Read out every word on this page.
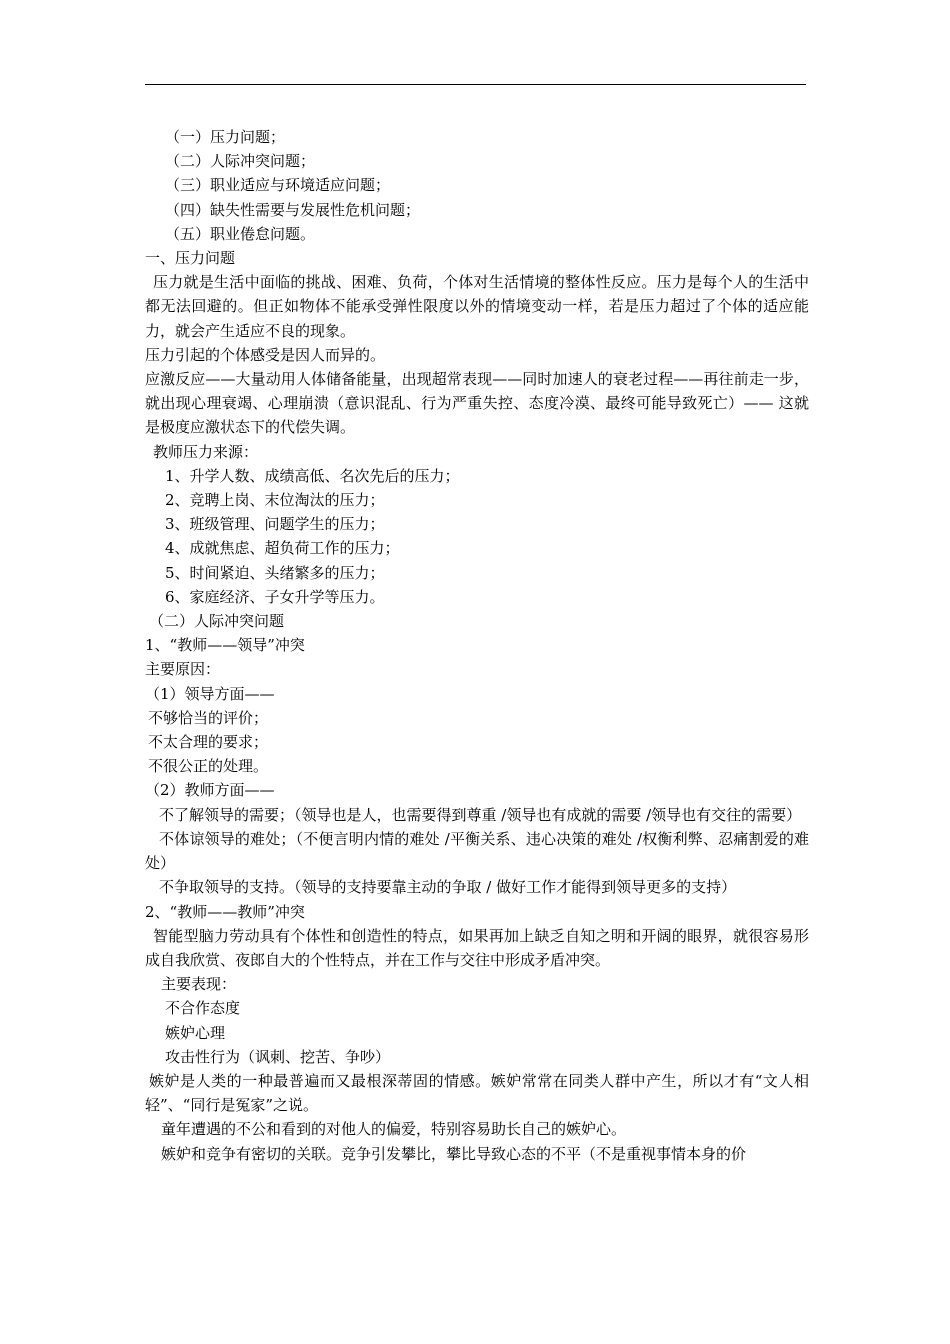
（一）压力问题；

（二）人际冲突问题；

（三）职业适应与环境适应问题；

（四）缺失性需要与发展性危机问题；

（五）职业倦怠问题。

一、压力问题

压力就是生活中面临的挑战、困难、负荷，个体对生活情境的整体性反应。压力是每个人的生活中都无法回避的。但正如物体不能承受弹性限度以外的情境变动一样，若是压力超过了个体的适应能力，就会产生适应不良的现象。

压力引起的个体感受是因人而异的。

应激反应——大量动用人体储备能量，出现超常表现——同时加速人的衰老过程——再往前走一步，就出现心理衰竭、心理崩溃（意识混乱、行为严重失控、态度冷漠、最终可能导致死亡）—— 这就是极度应激状态下的代偿失调。

教师压力来源：

1、升学人数、成绩高低、名次先后的压力；

2、竞聘上岗、末位淘汰的压力；

3、班级管理、问题学生的压力；

4、成就焦虑、超负荷工作的压力；

5、时间紧迫、头绪繁多的压力；

6、家庭经济、子女升学等压力。

（二）人际冲突问题

1、“教师——领导”冲突

主要原因：

（1）领导方面——

不够恰当的评价；

不太合理的要求；

不很公正的处理。

（2）教师方面——

不了解领导的需要；（领导也是人，也需要得到尊重 /领导也有成就的需要 /领导也有交往的需要）

不体谅领导的难处；（不便言明内情的难处 /平衡关系、违心决策的难处 /权衡利弊、忍痛割爱的难处）

不争取领导的支持。（领导的支持要靠主动的争取 / 做好工作才能得到领导更多的支持）

2、“教师——教师”冲突

智能型脑力劳动具有个体性和创造性的特点，如果再加上缺乏自知之明和开阔的眼界，就很容易形成自我欣赏、夜郎自大的个性特点，并在工作与交往中形成矛盾冲突。

主要表现：

不合作态度

嫉妒心理

攻击性行为（讽刺、挖苦、争吵）

嫉妒是人类的一种最普遍而又最根深蒂固的情感。嫉妒常常在同类人群中产生，所以才有“文人相轻”、“同行是冤家”之说。

童年遭遇的不公和看到的对他人的偏爱，特别容易助长自己的嫉妒心。

嫉妒和竞争有密切的关联。竞争引发攀比，攀比导致心态的不平（不是重视事情本身的价
